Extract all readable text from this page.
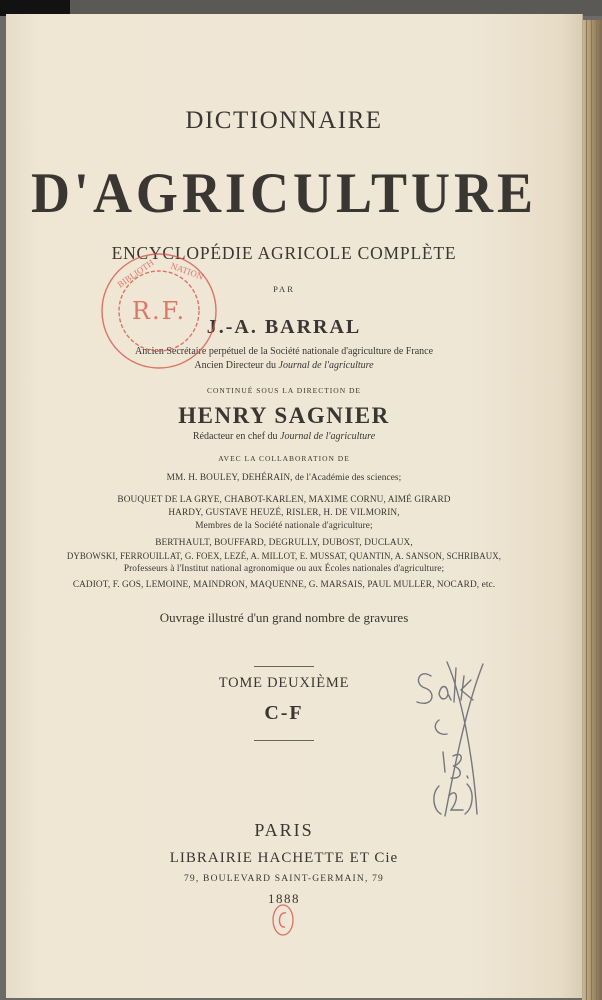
DICTIONNAIRE
D'AGRICULTURE
ENCYCLOPÉDIE AGRICOLE COMPLÈTE
PAR
J.-A. BARRAL
Ancien Secrétaire perpétuel de la Société nationale d'agriculture de France
Ancien Directeur du Journal de l'agriculture
CONTINUÉ SOUS LA DIRECTION DE
HENRY SAGNIER
Rédacteur en chef du Journal de l'agriculture
AVEC LA COLLABORATION DE
MM. H. BOULEY, DEHÉRAIN, de l'Académie des sciences;
BOUQUET DE LA GRYE, CHABOT-KARLEN, MAXIME CORNU, AIMÉ GIRARD
HARDY, GUSTAVE HEUZÉ, RISLER, H. DE VILMORIN,
Membres de la Société nationale d'agriculture;
BERTHAULT, BOUFFARD, DEGRULLY, DUBOST, DUCLAUX,
DYBOWSKI, FERROUILLAT, G. FOEX, LEZÉ, A. MILLOT, E. MUSSAT, QUANTIN, A. SANSON, SCHRIBAUX,
Professeurs à l'Institut national agronomique ou aux Écoles nationales d'agriculture;
CADIOT, F. GOS, LEMOINE, MAINDRON, MAQUENNE, G. MARSAIS, PAUL MULLER, NOCARD, etc.
Ouvrage illustré d'un grand nombre de gravures
TOME DEUXIÈME
C-F
PARIS
LIBRAIRIE HACHETTE ET Cie
79, BOULEVARD SAINT-GERMAIN, 79
1888
R.F.
BIBLIOTH NATION
